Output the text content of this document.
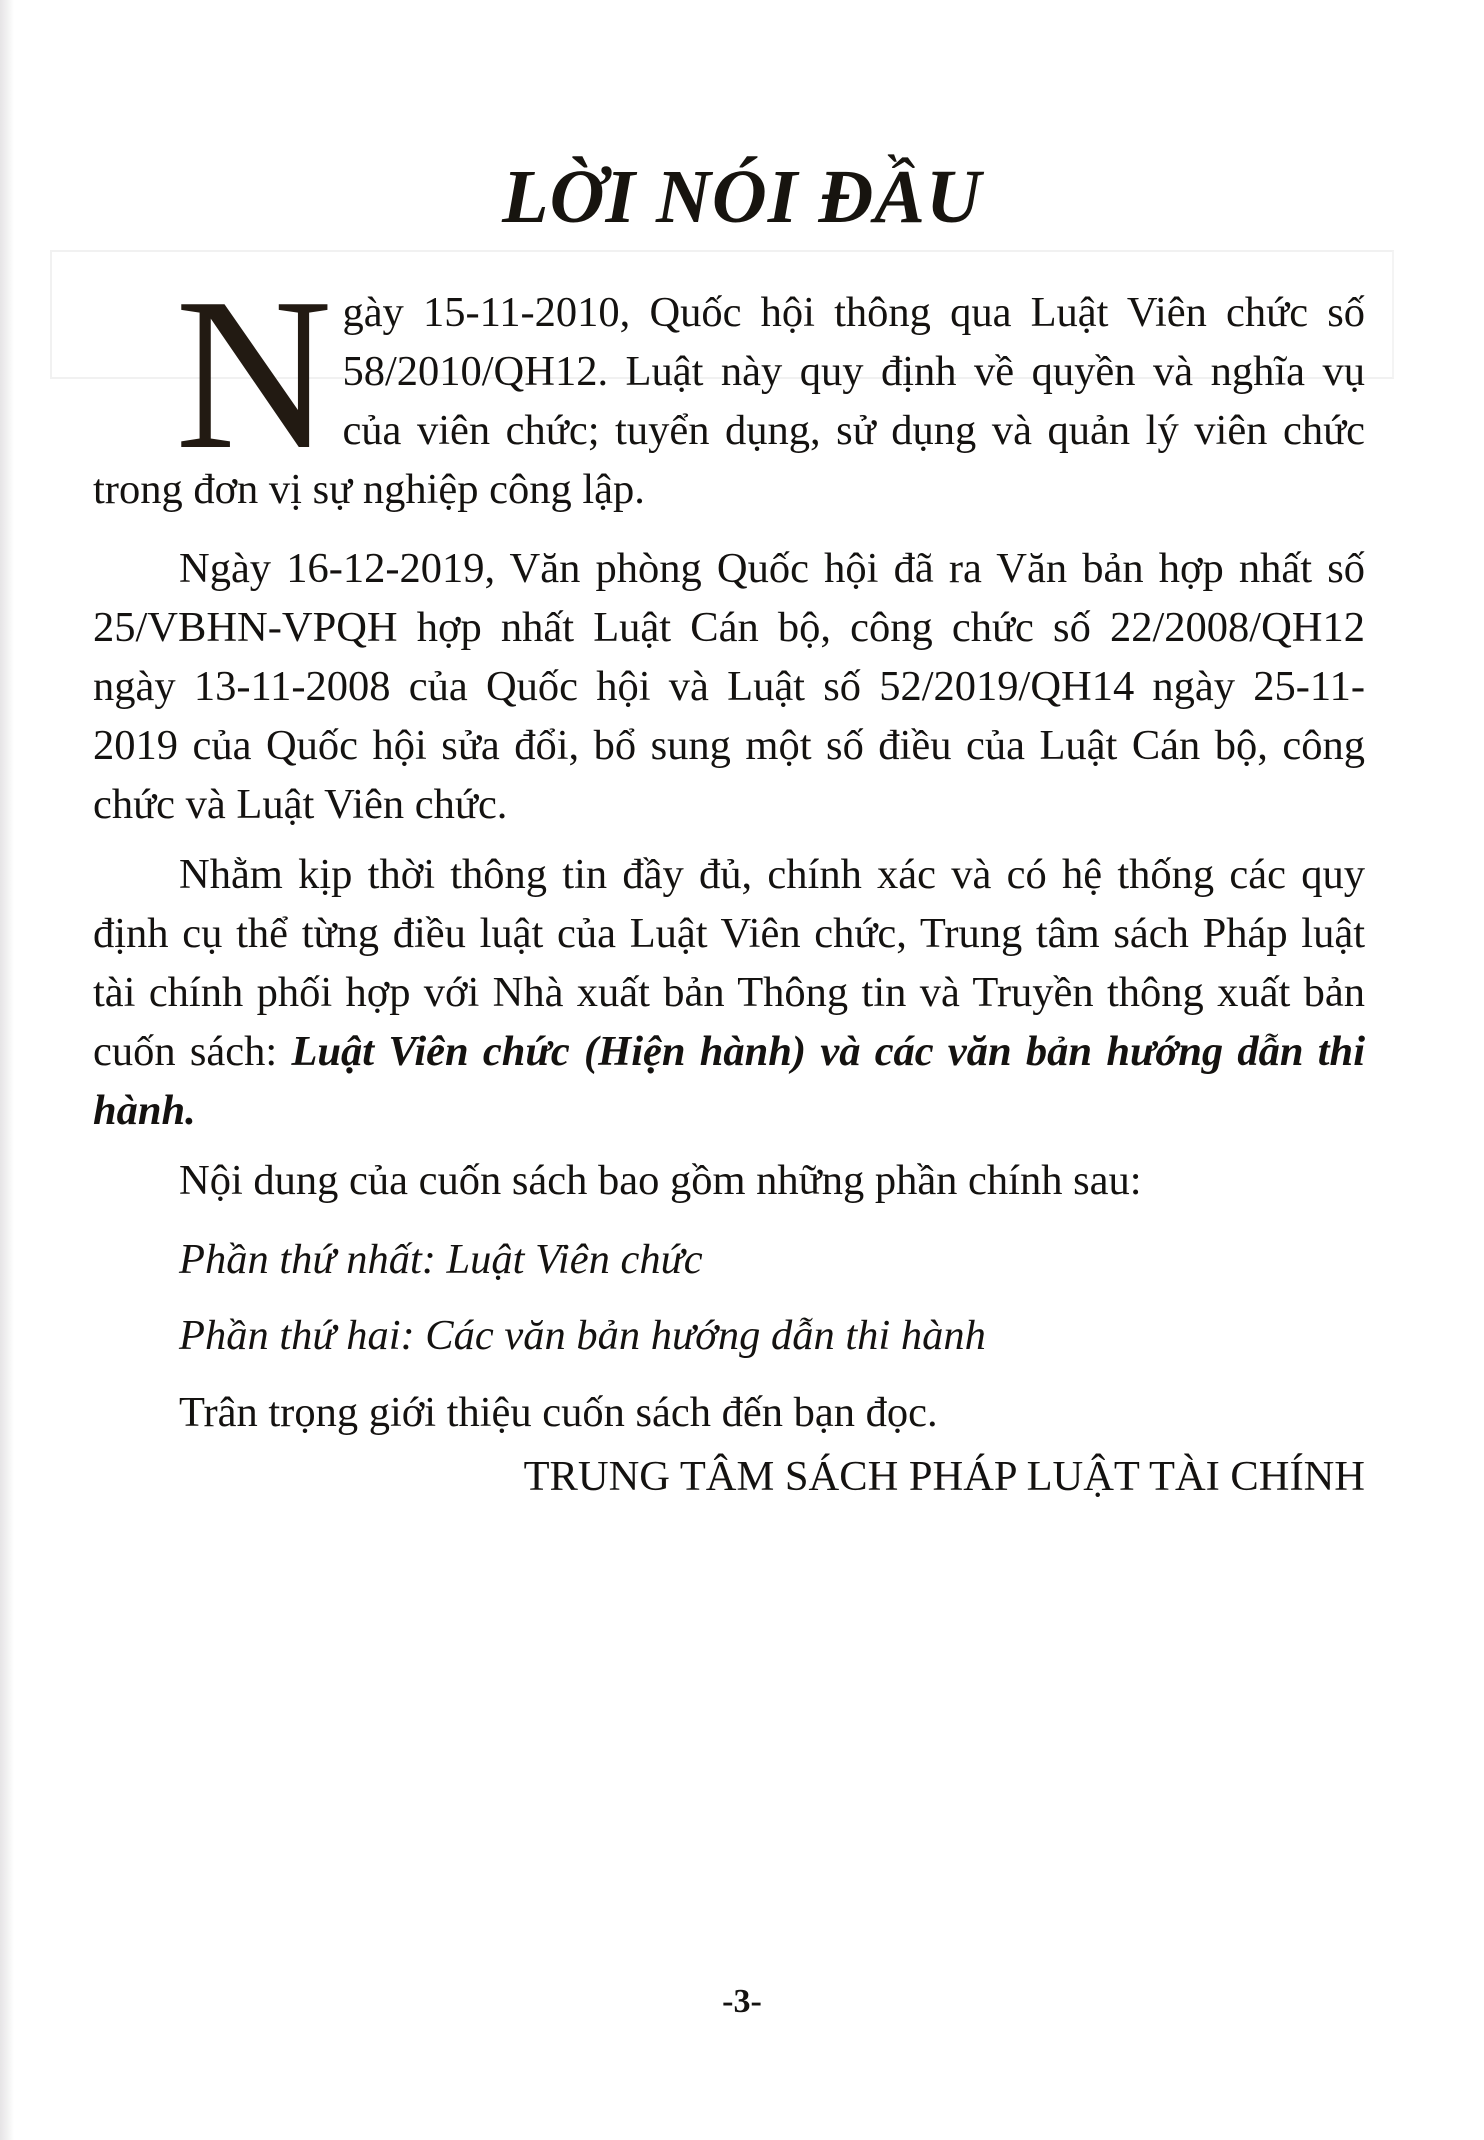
LỜI NÓI ĐẦU
N gày 15-11-2010, Quốc hội thông qua Luật Viên chức số 58/2010/QH12. Luật này quy định về quyền và nghĩa vụ của viên chức; tuyển dụng, sử dụng và quản lý viên chức trong đơn vị sự nghiệp công lập.
Ngày 16-12-2019, Văn phòng Quốc hội đã ra Văn bản hợp nhất số 25/VBHN-VPQH hợp nhất Luật Cán bộ, công chức số 22/2008/QH12 ngày 13-11-2008 của Quốc hội và Luật số 52/2019/QH14 ngày 25-11-2019 của Quốc hội sửa đổi, bổ sung một số điều của Luật Cán bộ, công chức và Luật Viên chức.
Nhằm kịp thời thông tin đầy đủ, chính xác và có hệ thống các quy định cụ thể từng điều luật của Luật Viên chức, Trung tâm sách Pháp luật tài chính phối hợp với Nhà xuất bản Thông tin và Truyền thông xuất bản cuốn sách: Luật Viên chức (Hiện hành) và các văn bản hướng dẫn thi hành.
Nội dung của cuốn sách bao gồm những phần chính sau:
Phần thứ nhất: Luật Viên chức
Phần thứ hai: Các văn bản hướng dẫn thi hành
Trân trọng giới thiệu cuốn sách đến bạn đọc.
TRUNG TÂM SÁCH PHÁP LUẬT TÀI CHÍNH
-3-
